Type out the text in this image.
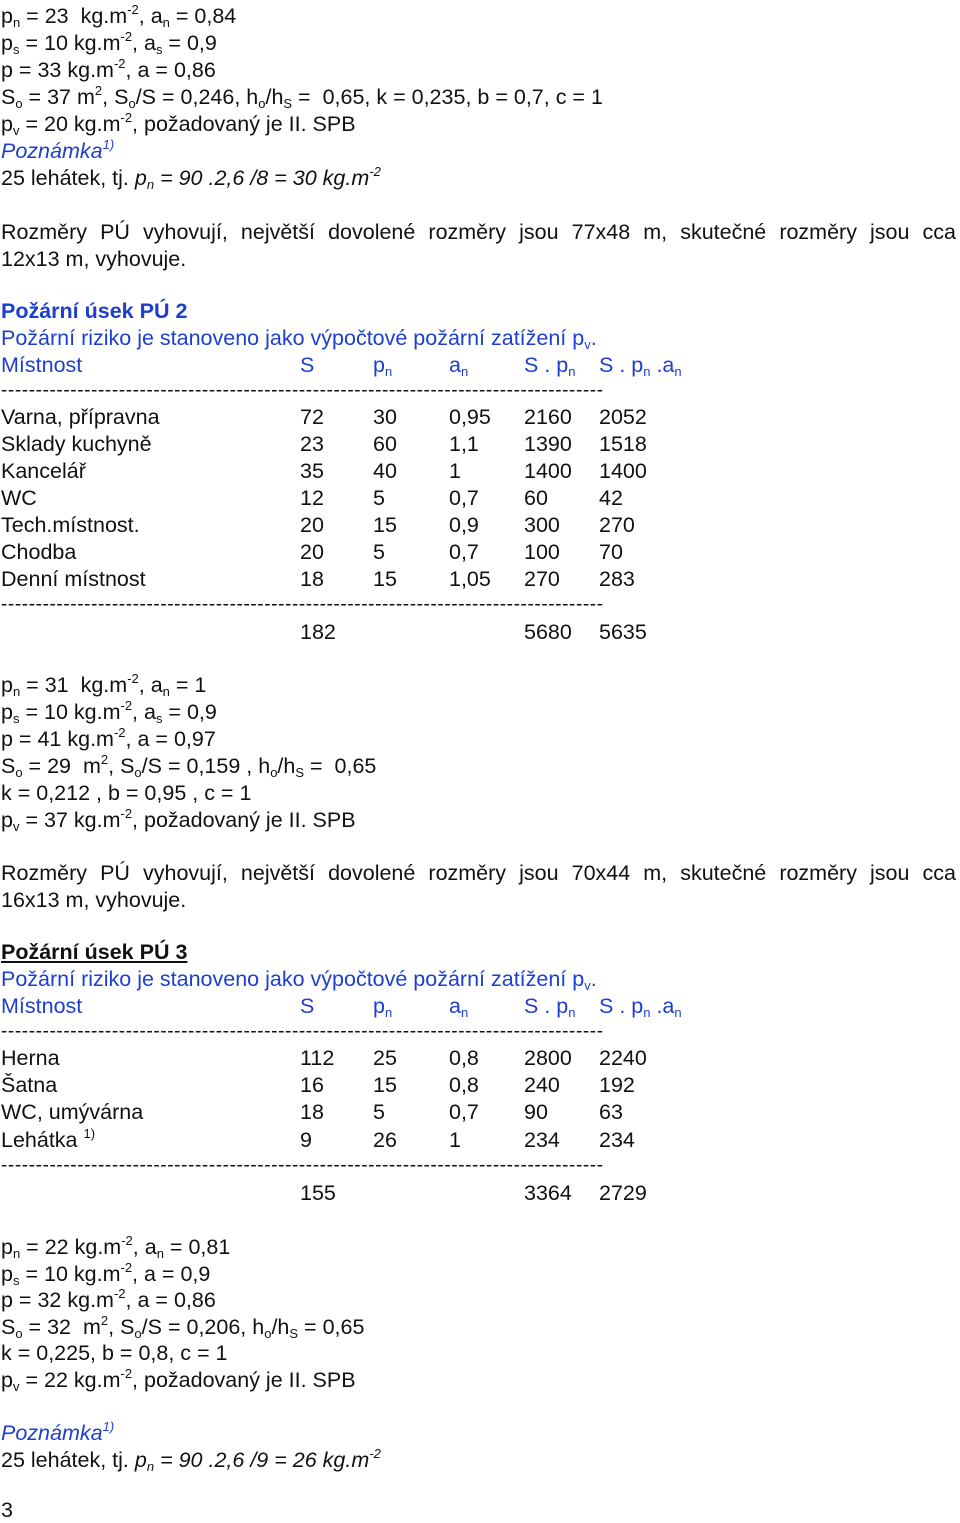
$p_n = 23$ $kg.m^{-2}$, $a_n = 0,84$
$p_s = 10$ $kg.m^{-2}$, $a_s = 0,9$
p = 33 $kg.m^{-2}$, a = 0,86
$S_o = 37$ $m^2$, $S_o/S = 0,246$, $h_o/h_S = 0,65$, k = 0,235, b = 0,7, c = 1
$p_v = 20$ $kg.m^{-2}$, požadovaný je II. SPB
Poznámka$^{1)}$
25 lehátek, tj. $p_n = 90$ .2,6 /8 = 30 $kg.m^{-2}$
Rozměry PÚ vyhovují, největší dovolené rozměry jsou 77x48 m, skutečné rozměry jsou cca
12x13 m, vyhovuje.
Požární úsek PÚ 2
Požární riziko je stanoveno jako výpočtové požární zatížení $p_v$.
Místnost	S	$p_n$	$a_n$	S . $p_n$ S . $p_n$ $.a_n$
---------------------------------------------------------------------------------------
Varna, přípravna	72 30 0,95 2160 2052
Sklady kuchyně	23 60 1,1 1390 1518
Kancelář	35 40 1	1400 1400
WC	12 5	0,7 60 42
Tech.místnost.	20 15 0,9 300 270
Chodba	20 5	0,7 100 70
Denní místnost	18 15 1,05 270 283
---------------------------------------------------------------------------------------
182	5680 5635
$p_n = 31$ $kg.m^{-2}$, $a_n = 1$
$p_s = 10$ $kg.m^{-2}$, $a_s = 0,9$
p = 41 $kg.m^{-2}$, a = 0,97
$S_o = 29$ $m^2$, $S_o/S = 0,159$ , $h_o/h_S = 0,65$
k = 0,212 , b = 0,95 , c = 1
$p_v = 37$ $kg.m^{-2}$, požadovaný je II. SPB
Rozměry PÚ vyhovují, největší dovolené rozměry jsou 70x44 m, skutečné rozměry jsou cca
16x13 m, vyhovuje.
Požární úsek PÚ 3
Požární riziko je stanoveno jako výpočtové požární zatížení $p_v$.
Místnost	S	$p_n$	$a_n$	S . $p_n$ S . $p_n$ $.a_n$
---------------------------------------------------------------------------------------
Herna	112 25 0,8 2800 2240
Šatna	16 15 0,8 240 192
WC, umývárna	18 5	0,7 90 63
Lehátka $^{1)}$	9	26 1	234 234
---------------------------------------------------------------------------------------
155	3364 2729
$p_n = 22$ $kg.m^{-2}$, $a_n = 0,81$
$p_s = 10$ $kg.m^{-2}$, a = 0,9
p = 32 $kg.m^{-2}$, a = 0,86
$S_o = 32$ $m^2$, $S_o/S = 0,206$, $h_o/h_S = 0,65$
k = 0,225, b = 0,8, c = 1
$p_v = 22$ $kg.m^{-2}$, požadovaný je II. SPB
Poznámka$^{1)}$
25 lehátek, tj. $p_n = 90$ .2,6 /9 = 26 $kg.m^{-2}$
3
